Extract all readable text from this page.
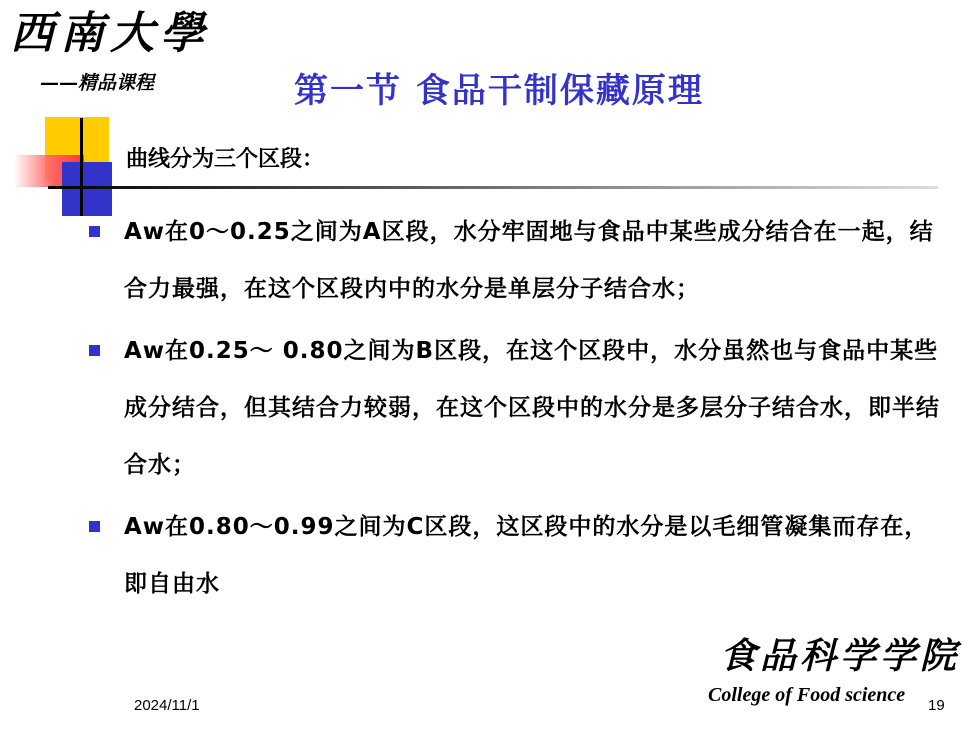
西南大學
——精品课程	第一节 食品干制保藏原理
曲线分为三个区段：
Aw在0～0.25之间为A区段，水分牢固地与食品中某些成分结合在一起，结合力最强，在这个区段内中的水分是单层分子结合水；
Aw在0.25～ 0.80之间为B区段，在这个区段中，水分虽然也与食品中某些成分结合，但其结合力较弱，在这个区段中的水分是多层分子结合水，即半结合水；
Aw在0.80～0.99之间为C区段，这区段中的水分是以毛细管凝集而存在，即自由水
食品科学学院
College of Food science
2024/11/1	19
